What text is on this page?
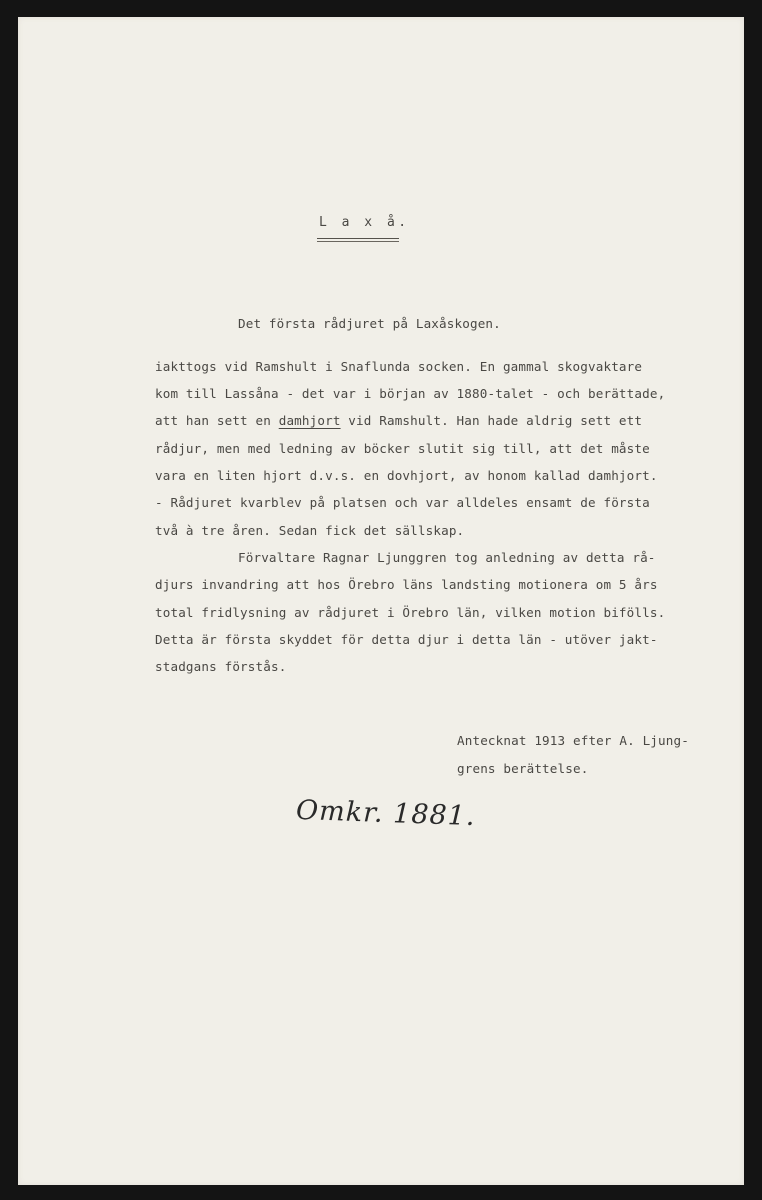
L a x å.
Det första rådjuret på Laxåskogen.
iakttogs vid Ramshult i Snaflunda socken. En gammal skogvaktare
kom till Lassåna - det var i början av 1880-talet - och berättade,
att han sett en damhjort vid Ramshult. Han hade aldrig sett ett
rådjur, men med ledning av böcker slutit sig till, att det måste
vara en liten hjort d.v.s. en dovhjort, av honom kallad damhjort.
- Rådjuret kvarblev på platsen och var alldeles ensamt de första
två à tre åren. Sedan fick det sällskap.
Förvaltare Ragnar Ljunggren tog anledning av detta rå-
djurs invandring att hos Örebro läns landsting motionera om 5 års
total fridlysning av rådjuret i Örebro län, vilken motion bifölls.
Detta är första skyddet för detta djur i detta län - utöver jakt-
stadgans förstås.
Antecknat 1913 efter A. Ljung-
grens berättelse.
Omkr. 1881.
